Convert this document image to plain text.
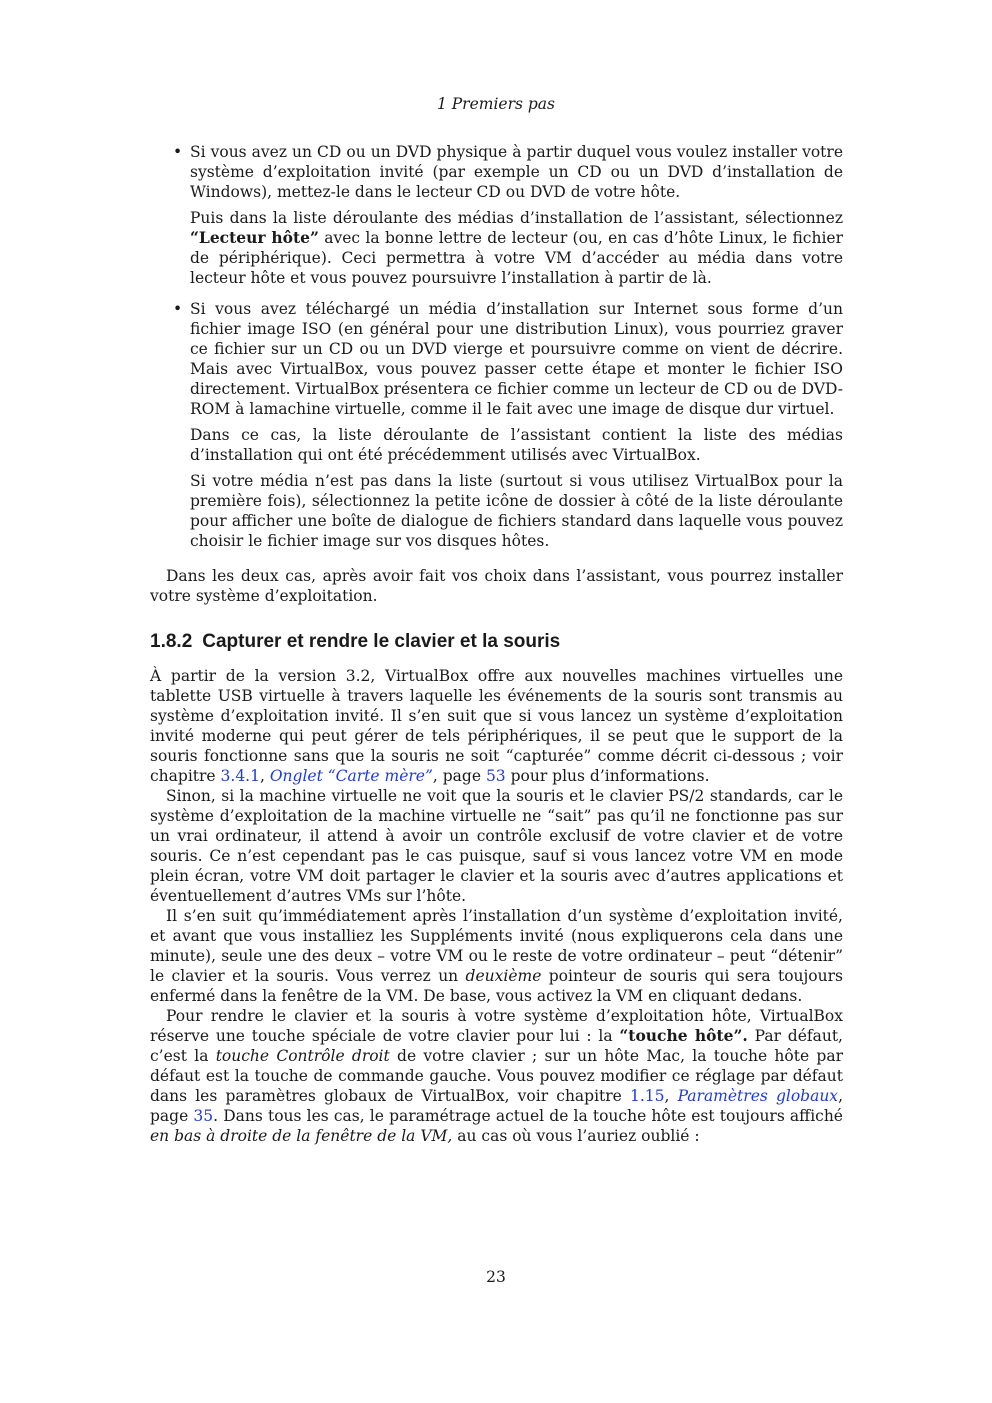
1 Premiers pas
• Si vous avez un CD ou un DVD physique à partir duquel vous voulez installer votre système d’exploitation invité (par exemple un CD ou un DVD d’installation de Windows), mettez-le dans le lecteur CD ou DVD de votre hôte.

Puis dans la liste déroulante des médias d’installation de l’assistant, sélectionnez “Lecteur hôte” avec la bonne lettre de lecteur (ou, en cas d’hôte Linux, le fichier de périphérique). Ceci permettra à votre VM d’accéder au média dans votre lecteur hôte et vous pouvez poursuivre l’installation à partir de là.

• Si vous avez téléchargé un média d’installation sur Internet sous forme d’un fichier image ISO (en général pour une distribution Linux), vous pourriez graver ce fichier sur un CD ou un DVD vierge et poursuivre comme on vient de décrire. Mais avec VirtualBox, vous pouvez passer cette étape et monter le fichier ISO directement. VirtualBox présentera ce fichier comme un lecteur de CD ou de DVD-ROM à lamachine virtuelle, comme il le fait avec une image de disque dur virtuel.

Dans ce cas, la liste déroulante de l’assistant contient la liste des médias d’installation qui ont été précédemment utilisés avec VirtualBox.

Si votre média n’est pas dans la liste (surtout si vous utilisez VirtualBox pour la première fois), sélectionnez la petite icône de dossier à côté de la liste déroulante pour afficher une boîte de dialogue de fichiers standard dans laquelle vous pouvez choisir le fichier image sur vos disques hôtes.

Dans les deux cas, après avoir fait vos choix dans l’assistant, vous pourrez installer votre système d’exploitation.

1.8.2 Capturer et rendre le clavier et la souris

À partir de la version 3.2, VirtualBox offre aux nouvelles machines virtuelles une tablette USB virtuelle à travers laquelle les événements de la souris sont transmis au système d’exploitation invité. Il s’en suit que si vous lancez un système d’exploitation invité moderne qui peut gérer de tels périphériques, il se peut que le support de la souris fonctionne sans que la souris ne soit “capturée” comme décrit ci-dessous ; voir chapitre 3.4.1, Onglet “Carte mère”, page 53 pour plus d’informations.

Sinon, si la machine virtuelle ne voit que la souris et le clavier PS/2 standards, car le système d’exploitation de la machine virtuelle ne “sait” pas qu’il ne fonctionne pas sur un vrai ordinateur, il attend à avoir un contrôle exclusif de votre clavier et de votre souris. Ce n’est cependant pas le cas puisque, sauf si vous lancez votre VM en mode plein écran, votre VM doit partager le clavier et la souris avec d’autres applications et éventuellement d’autres VMs sur l’hôte.

Il s’en suit qu’immédiatement après l’installation d’un système d’exploitation invité, et avant que vous installiez les Suppléments invité (nous expliquerons cela dans une minute), seule une des deux – votre VM ou le reste de votre ordinateur – peut “détenir” le clavier et la souris. Vous verrez un deuxième pointeur de souris qui sera toujours enfermé dans la fenêtre de la VM. De base, vous activez la VM en cliquant dedans.

Pour rendre le clavier et la souris à votre système d’exploitation hôte, VirtualBox réserve une touche spéciale de votre clavier pour lui : la “touche hôte”. Par défaut, c’est la touche Contrôle droit de votre clavier ; sur un hôte Mac, la touche hôte par défaut est la touche de commande gauche. Vous pouvez modifier ce réglage par défaut dans les paramètres globaux de VirtualBox, voir chapitre 1.15, Paramètres globaux, page 35. Dans tous les cas, le paramétrage actuel de la touche hôte est toujours affiché en bas à droite de la fenêtre de la VM, au cas où vous l’auriez oublié :

23
